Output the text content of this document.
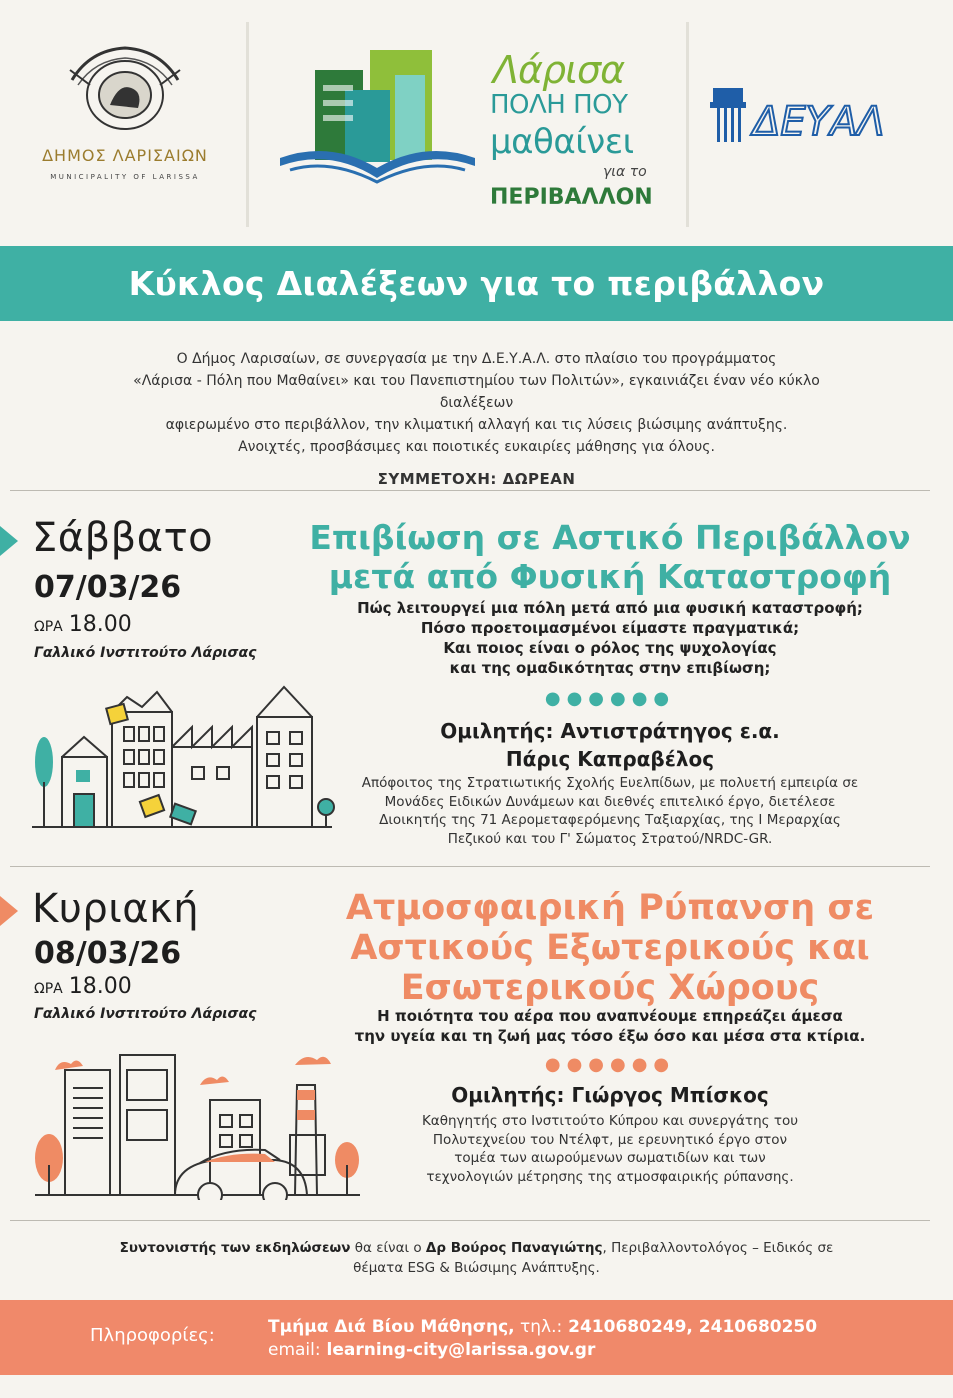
ΔΗΜΟΣ ΛΑΡΙΣΑΙΩΝ
MUNICIPALITY OF LARISSA
Λάρισα
ΠΟΛΗ ΠΟΥ
μαθαίνει
για το
ΠΕΡΙΒΑΛΛΟΝ
ΔΕΥΑΛ
Κύκλος Διαλέξεων για το περιβάλλον
Ο Δήμος Λαρισαίων, σε συνεργασία με την Δ.Ε.Υ.Α.Λ. στο πλαίσιο του προγράμματος
«Λάρισα - Πόλη που Μαθαίνει» και του Πανεπιστημίου των Πολιτών», εγκαινιάζει έναν νέο κύκλο διαλέξεων
αφιερωμένο στο περιβάλλον, την κλιματική αλλαγή και τις λύσεις βιώσιμης ανάπτυξης.
Ανοιχτές, προσβάσιμες και ποιοτικές ευκαιρίες μάθησης για όλους.
ΣΥΜΜΕΤΟΧΗ: ΔΩΡΕΑΝ
Σάββατο
07/03/26
ΩΡΑ 18.00
Γαλλικό Ινστιτούτο Λάρισας
Επιβίωση σε Αστικό Περιβάλλον
μετά από Φυσική Καταστροφή
Πώς λειτουργεί μια πόλη μετά από μια φυσική καταστροφή;
Πόσο προετοιμασμένοι είμαστε πραγματικά;
Και ποιος είναι ο ρόλος της ψυχολογίας
και της ομαδικότητας στην επιβίωση;
●●●●●●
Ομιλητής: Αντιστράτηγος ε.α.
Πάρις Καπραβέλος
Απόφοιτος της Στρατιωτικής Σχολής Ευελπίδων, με πολυετή εμπειρία σε
Μονάδες Ειδικών Δυνάμεων και διεθνές επιτελικό έργο, διετέλεσε
Διοικητής της 71 Αερομεταφερόμενης Ταξιαρχίας, της Ι Μεραρχίας
Πεζικού και του Γ' Σώματος Στρατού/NRDC-GR.
Κυριακή
08/03/26
ΩΡΑ 18.00
Γαλλικό Ινστιτούτο Λάρισας
Ατμοσφαιρική Ρύπανση σε
Αστικούς Εξωτερικούς και
Εσωτερικούς Χώρους
Η ποιότητα του αέρα που αναπνέουμε επηρεάζει άμεσα
την υγεία και τη ζωή μας τόσο έξω όσο και μέσα στα κτίρια.
●●●●●●
Ομιλητής: Γιώργος Μπίσκος
Καθηγητής στο Ινστιτούτο Κύπρου και συνεργάτης του
Πολυτεχνείου του Ντέλφτ, με ερευνητικό έργο στον
τομέα των αιωρούμενων σωματιδίων και των
τεχνολογιών μέτρησης της ατμοσφαιρικής ρύπανσης.
Συντονιστής των εκδηλώσεων θα είναι ο Δρ Βούρος Παναγιώτης, Περιβαλλοντολόγος – Ειδικός σε
θέματα ESG & Βιώσιμης Ανάπτυξης.
Πληροφορίες:	Τμήμα Διά Βίου Μάθησης, τηλ.: 2410680249, 2410680250
email: learning-city@larissa.gov.gr
